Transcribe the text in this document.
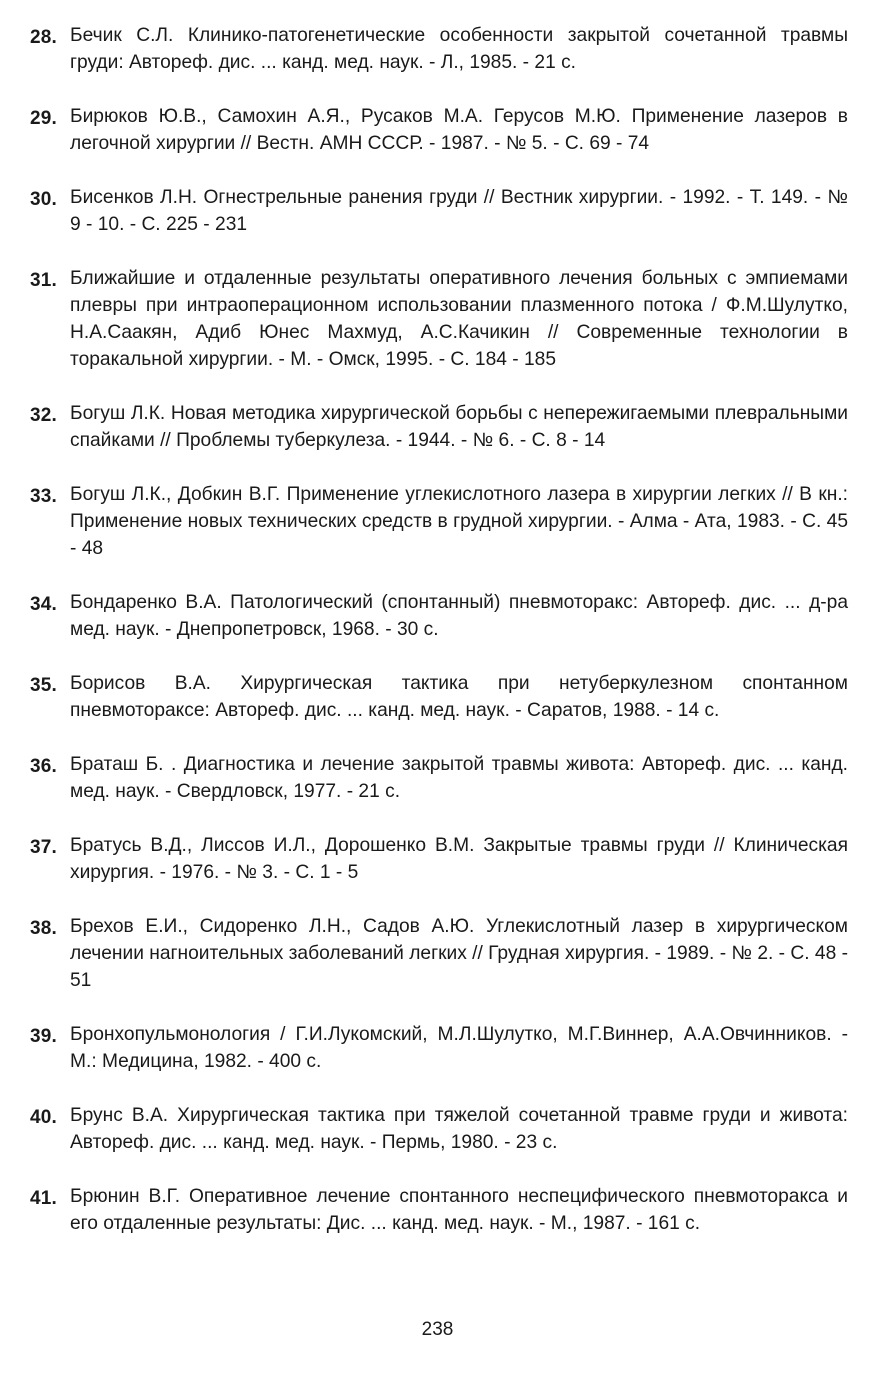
28. Бечик С.Л. Клинико-патогенетические особенности закрытой сочетанной травмы груди: Автореф. дис. ... канд. мед. наук. - Л., 1985. - 21 с.
29. Бирюков Ю.В., Самохин А.Я., Русаков М.А. Герусов М.Ю. Применение лазеров в легочной хирургии // Вестн. АМН СССР. - 1987. - № 5. - С. 69 - 74
30. Бисенков Л.Н. Огнестрельные ранения груди // Вестник хирургии. - 1992. - Т. 149. - № 9 - 10. - С. 225 - 231
31. Ближайшие и отдаленные результаты оперативного лечения больных с эмпиемами плевры при интраоперационном использовании плазменного потока / Ф.М.Шулутко, Н.А.Саакян, Адиб Юнес Махмуд, А.С.Качикин // Современные технологии в торакальной хирургии. - М. - Омск, 1995. - С. 184 - 185
32. Богуш Л.К. Новая методика хирургической борьбы с непережигаемыми плевральными спайками // Проблемы туберкулеза. - 1944. - № 6. - С. 8 - 14
33. Богуш Л.К., Добкин В.Г. Применение углекислотного лазера в хирургии легких // В кн.: Применение новых технических средств в грудной хирургии. - Алма - Ата, 1983. - С. 45 - 48
34. Бондаренко В.А. Патологический (спонтанный) пневмоторакс: Автореф. дис. ... д-ра мед. наук. - Днепропетровск, 1968. - 30 с.
35. Борисов В.А. Хирургическая тактика при нетуберкулезном спонтанном пневмотораксе: Автореф. дис. ... канд. мед. наук. - Саратов, 1988. - 14 с.
36. Браташ Б. . Диагностика и лечение закрытой травмы живота: Автореф. дис. ... канд. мед. наук. - Свердловск, 1977. - 21 с.
37. Братусь В.Д., Лиссов И.Л., Дорошенко В.М. Закрытые травмы груди // Клиническая хирургия. - 1976. - № 3. - С. 1 - 5
38. Брехов Е.И., Сидоренко Л.Н., Садов А.Ю. Углекислотный лазер в хирургическом лечении нагноительных заболеваний легких // Грудная хирургия. - 1989. - № 2. - С. 48 - 51
39. Бронхопульмонология / Г.И.Лукомский, М.Л.Шулутко, М.Г.Виннер, А.А.Овчинников. - М.: Медицина, 1982. - 400 с.
40. Брунс В.А. Хирургическая тактика при тяжелой сочетанной травме груди и живота: Автореф. дис. ... канд. мед. наук. - Пермь, 1980. - 23 с.
41. Брюнин В.Г. Оперативное лечение спонтанного неспецифического пневмоторакса и его отдаленные результаты: Дис. ... канд. мед. наук. - М., 1987. - 161 с.
238
